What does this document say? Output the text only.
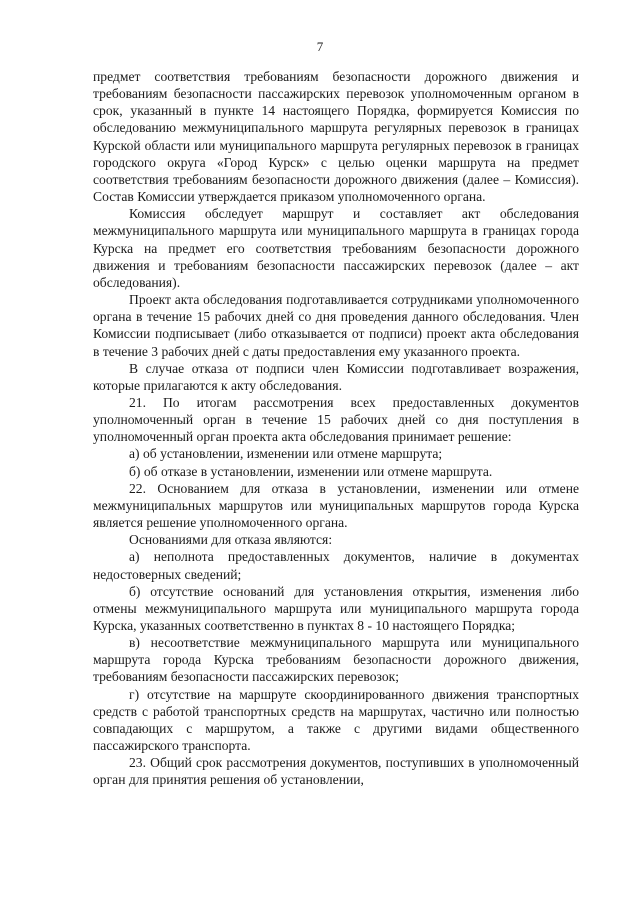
7

предмет соответствия требованиям безопасности дорожного движения и требованиям безопасности пассажирских перевозок уполномоченным органом в срок, указанный в пункте 14 настоящего Порядка, формируется Комиссия по обследованию межмуниципального маршрута регулярных перевозок в границах Курской области или муниципального маршрута регулярных перевозок в границах городского округа «Город Курск» с целью оценки маршрута на предмет соответствия требованиям безопасности дорожного движения (далее – Комиссия). Состав Комиссии утверждается приказом уполномоченного органа.

Комиссия обследует маршрут и составляет акт обследования межмуниципального маршрута или муниципального маршрута в границах города Курска на предмет его соответствия требованиям безопасности дорожного движения и требованиям безопасности пассажирских перевозок (далее – акт обследования).

Проект акта обследования подготавливается сотрудниками уполномоченного органа в течение 15 рабочих дней со дня проведения данного обследования. Член Комиссии подписывает (либо отказывается от подписи) проект акта обследования в течение 3 рабочих дней с даты предоставления ему указанного проекта.

В случае отказа от подписи член Комиссии подготавливает возражения, которые прилагаются к акту обследования.

21. По итогам рассмотрения всех предоставленных документов уполномоченный орган в течение 15 рабочих дней со дня поступления в уполномоченный орган проекта акта обследования принимает решение:

а) об установлении, изменении или отмене маршрута;

б) об отказе в установлении, изменении или отмене маршрута.

22. Основанием для отказа в установлении, изменении или отмене межмуниципальных маршрутов или муниципальных маршрутов города Курска является решение уполномоченного органа.

Основаниями для отказа являются:

а) неполнота предоставленных документов, наличие в документах недостоверных сведений;

б) отсутствие оснований для установления открытия, изменения либо отмены межмуниципального маршрута или муниципального маршрута города Курска, указанных соответственно в пунктах 8 - 10 настоящего Порядка;

в) несоответствие межмуниципального маршрута или муниципального маршрута города Курска требованиям безопасности дорожного движения, требованиям безопасности пассажирских перевозок;

г) отсутствие на маршруте скоординированного движения транспортных средств с работой транспортных средств на маршрутах, частично или полностью совпадающих с маршрутом, а также с другими видами общественного пассажирского транспорта.

23. Общий срок рассмотрения документов, поступивших в уполномоченный орган для принятия решения об установлении,
